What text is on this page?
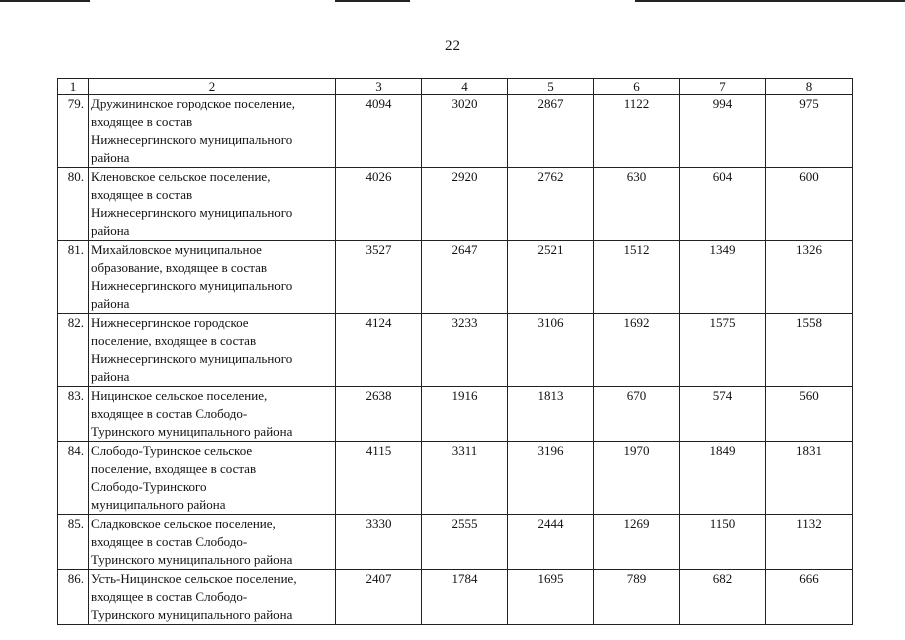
22
1	2	3	4	5	6	7	8
79.	Дружининское городское поселение,
входящее в состав
Нижнесергинского муниципального
района	4094	3020	2867	1122	994	975
80.	Кленовское сельское поселение,
входящее в состав
Нижнесергинского муниципального
района	4026	2920	2762	630	604	600
81.	Михайловское муниципальное
образование, входящее в состав
Нижнесергинского муниципального
района	3527	2647	2521	1512	1349	1326
82.	Нижнесергинское городское
поселение, входящее в состав
Нижнесергинского муниципального
района	4124	3233	3106	1692	1575	1558
83.	Ницинское сельское поселение,
входящее в состав Слободо-
Туринского муниципального района	2638	1916	1813	670	574	560
84.	Слободо-Туринское сельское
поселение, входящее в состав
Слободо-Туринского
муниципального района	4115	3311	3196	1970	1849	1831
85.	Сладковское сельское поселение,
входящее в состав Слободо-
Туринского муниципального района	3330	2555	2444	1269	1150	1132
86.	Усть-Ницинское сельское поселение,
входящее в состав Слободо-
Туринского муниципального района	2407	1784	1695	789	682	666
